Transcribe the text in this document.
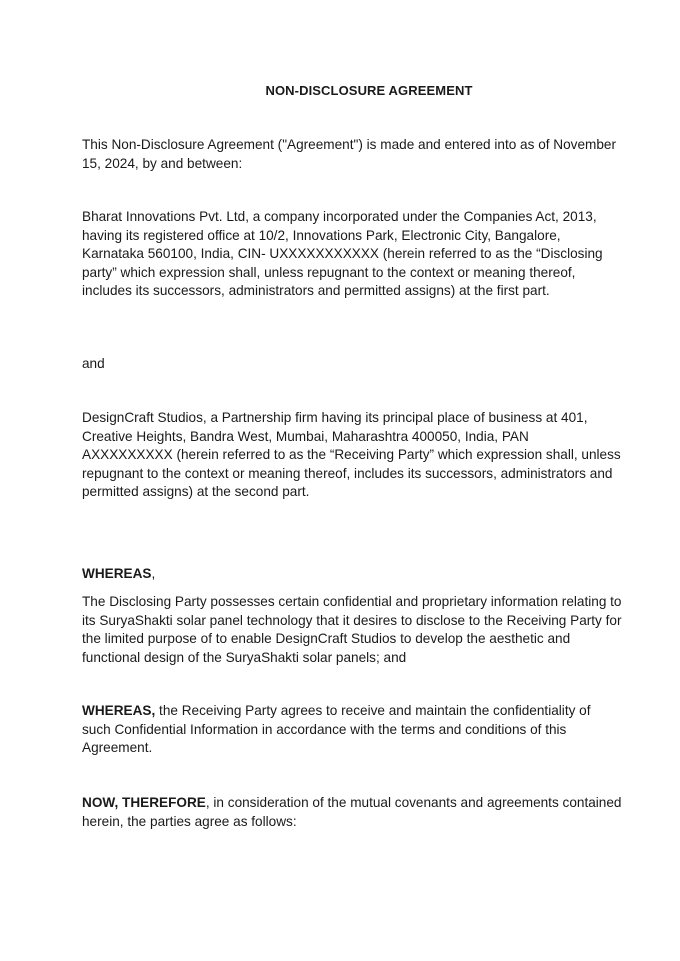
NON-DISCLOSURE AGREEMENT

This Non-Disclosure Agreement ("Agreement") is made and entered into as of November 15, 2024, by and between:

Bharat Innovations Pvt. Ltd, a company incorporated under the Companies Act, 2013, having its registered office at 10/2, Innovations Park, Electronic City, Bangalore, Karnataka 560100, India, CIN- UXXXXXXXXXXX (herein referred to as the “Disclosing party” which expression shall, unless repugnant to the context or meaning thereof, includes its successors, administrators and permitted assigns) at the first part.

and

DesignCraft Studios, a Partnership firm having its principal place of business at 401, Creative Heights, Bandra West, Mumbai, Maharashtra 400050, India, PAN AXXXXXXXXX (herein referred to as the “Receiving Party” which expression shall, unless repugnant to the context or meaning thereof, includes its successors, administrators and permitted assigns) at the second part.

WHEREAS,

The Disclosing Party possesses certain confidential and proprietary information relating to its SuryaShakti solar panel technology that it desires to disclose to the Receiving Party for the limited purpose of to enable DesignCraft Studios to develop the aesthetic and functional design of the SuryaShakti solar panels; and

WHEREAS, the Receiving Party agrees to receive and maintain the confidentiality of such Confidential Information in accordance with the terms and conditions of this Agreement.

NOW, THEREFORE, in consideration of the mutual covenants and agreements contained herein, the parties agree as follows:
